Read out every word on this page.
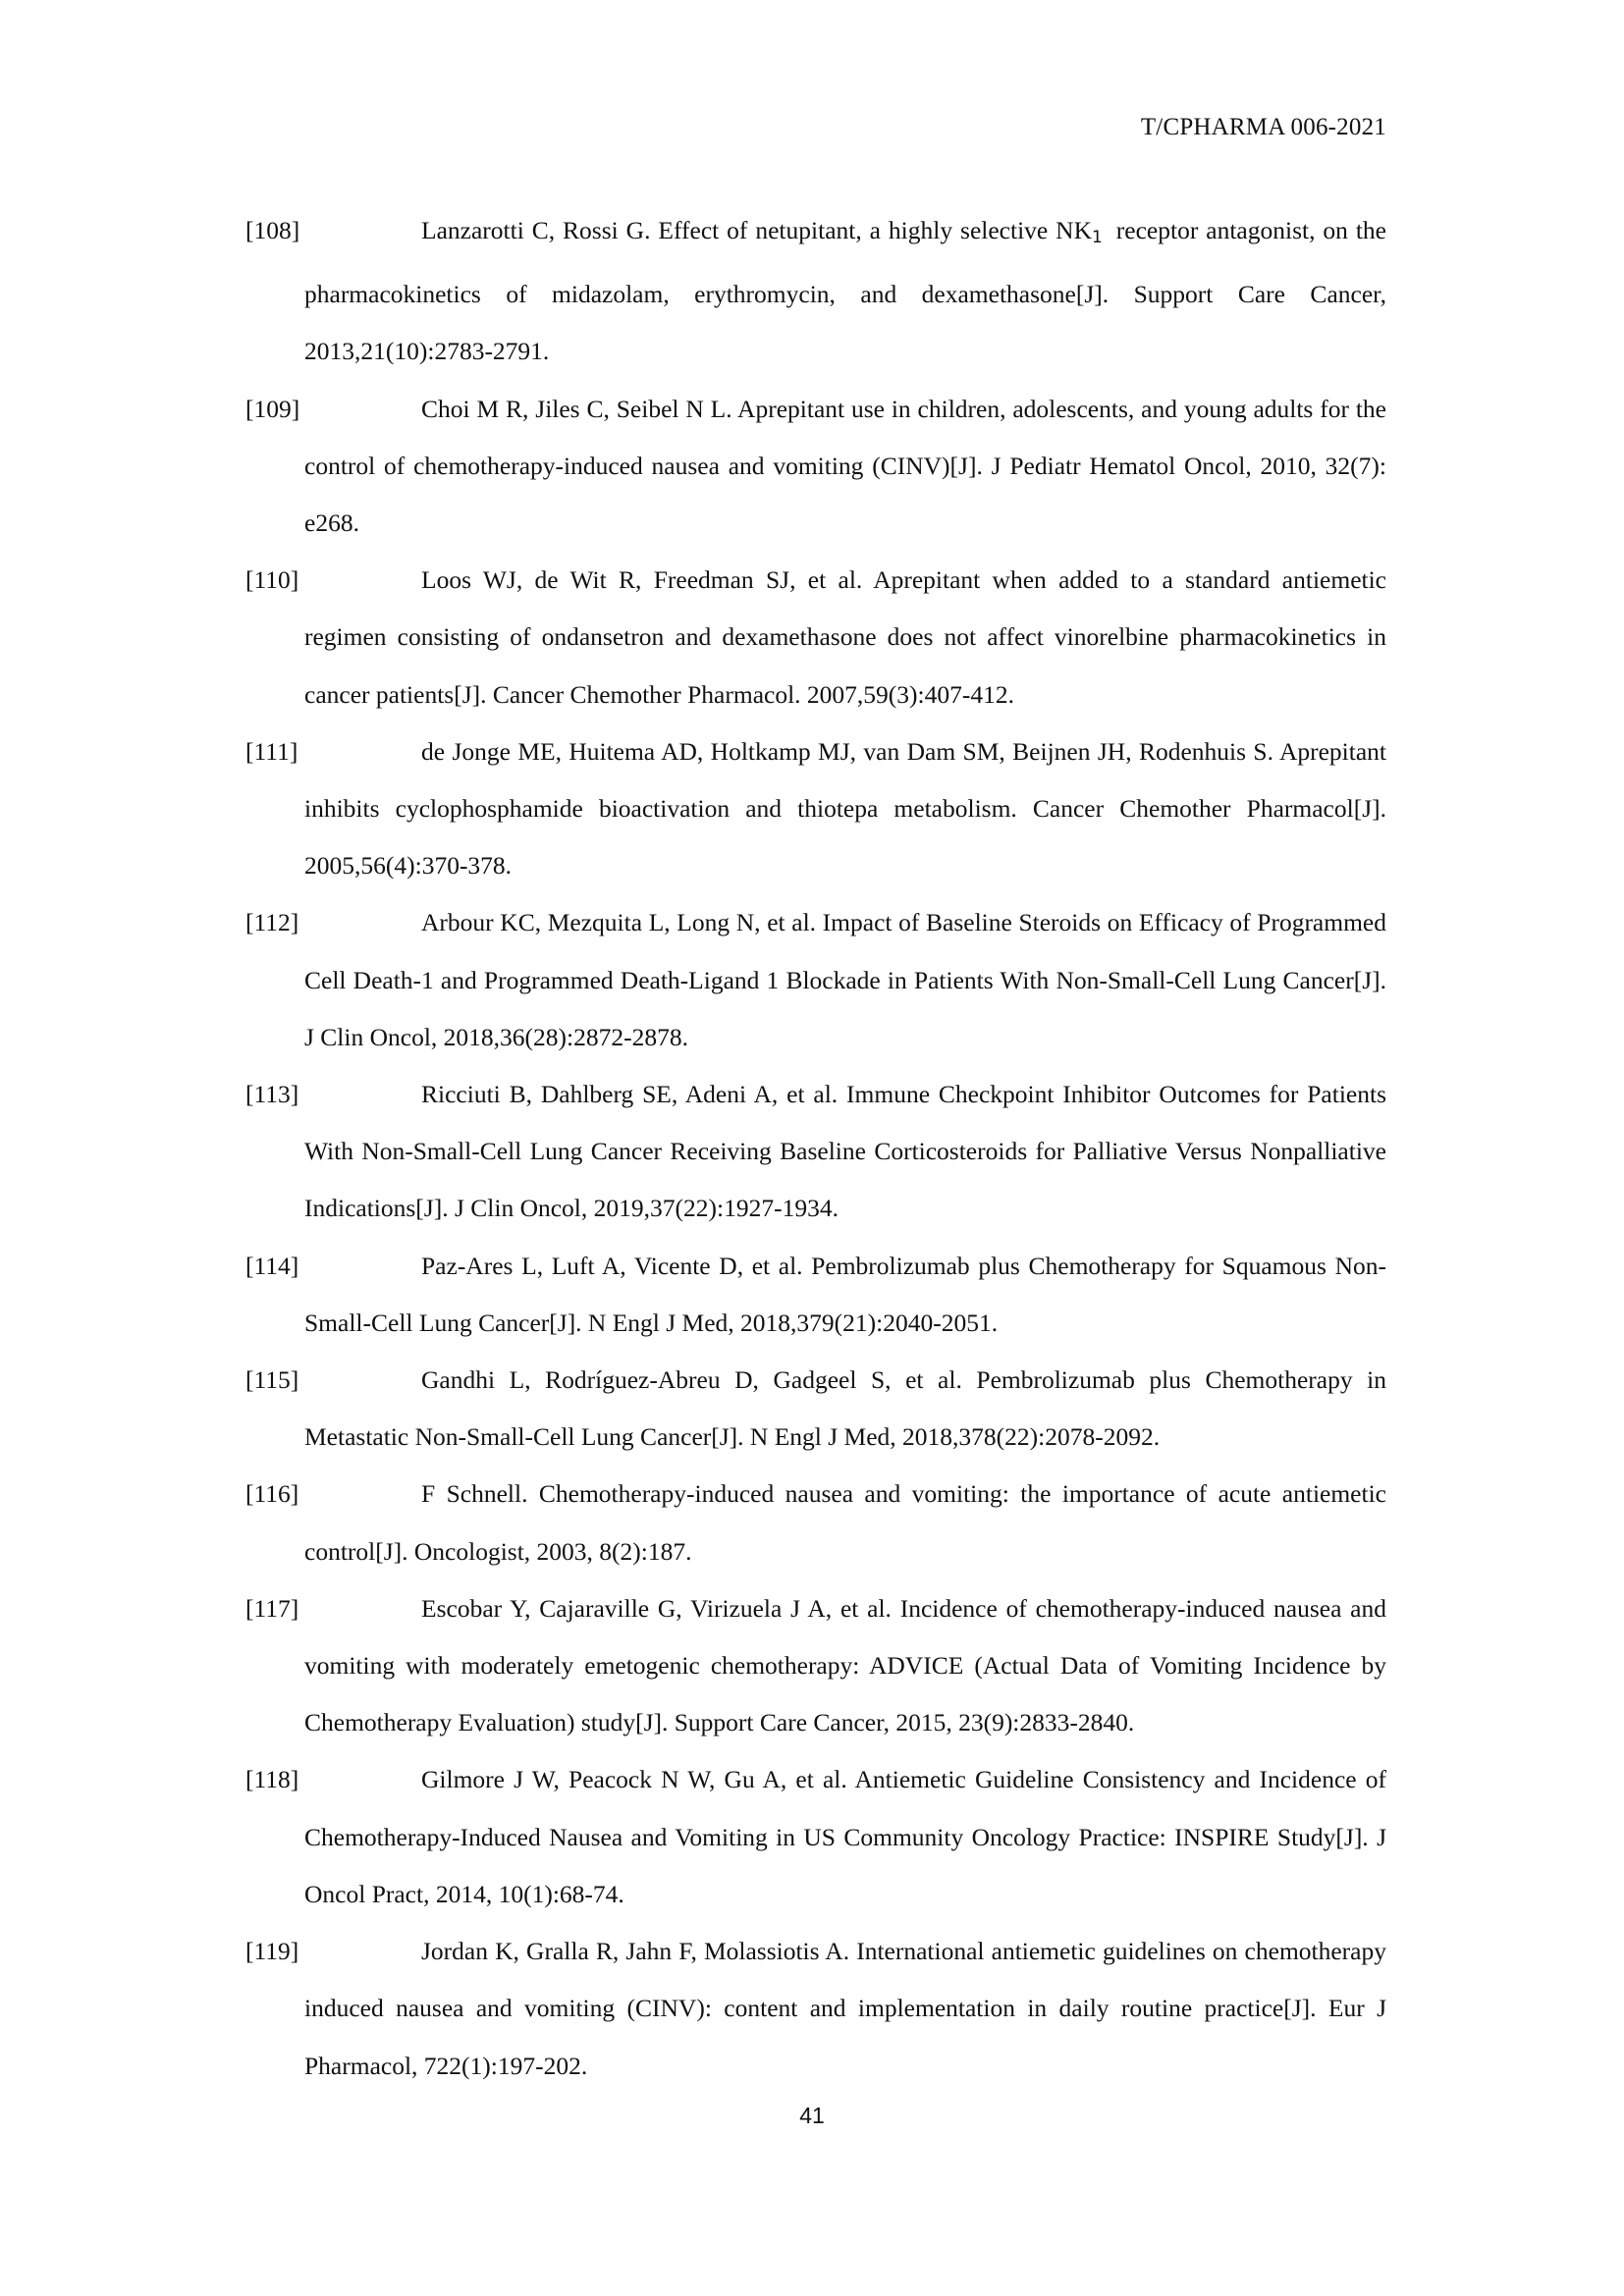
T/CPHARMA 006-2021

[108]	Lanzarotti C, Rossi G. Effect of netupitant, a highly selective $NK_1$ receptor antagonist, on the pharmacokinetics of midazolam, erythromycin, and dexamethasone[J]. Support Care Cancer, 2013,21(10):2783-2791.

[109]	Choi M R, Jiles C, Seibel N L. Aprepitant use in children, adolescents, and young adults for the control of chemotherapy-induced nausea and vomiting (CINV)[J]. J Pediatr Hematol Oncol, 2010, 32(7): e268.

[110]	Loos WJ, de Wit R, Freedman SJ, et al. Aprepitant when added to a standard antiemetic regimen consisting of ondansetron and dexamethasone does not affect vinorelbine pharmacokinetics in cancer patients[J]. Cancer Chemother Pharmacol. 2007,59(3):407-412.

[111]	de Jonge ME, Huitema AD, Holtkamp MJ, van Dam SM, Beijnen JH, Rodenhuis S. Aprepitant inhibits cyclophosphamide bioactivation and thiotepa metabolism. Cancer Chemother Pharmacol[J]. 2005,56(4):370-378.

[112]	Arbour KC, Mezquita L, Long N, et al. Impact of Baseline Steroids on Efficacy of Programmed Cell Death-1 and Programmed Death-Ligand 1 Blockade in Patients With Non-Small-Cell Lung Cancer[J]. J Clin Oncol, 2018,36(28):2872-2878.

[113]	Ricciuti B, Dahlberg SE, Adeni A, et al. Immune Checkpoint Inhibitor Outcomes for Patients With Non-Small-Cell Lung Cancer Receiving Baseline Corticosteroids for Palliative Versus Nonpalliative Indications[J]. J Clin Oncol, 2019,37(22):1927-1934.

[114]	Paz-Ares L, Luft A, Vicente D, et al. Pembrolizumab plus Chemotherapy for Squamous Non-Small-Cell Lung Cancer[J]. N Engl J Med, 2018,379(21):2040-2051.

[115]	Gandhi L, Rodríguez-Abreu D, Gadgeel S, et al. Pembrolizumab plus Chemotherapy in Metastatic Non-Small-Cell Lung Cancer[J]. N Engl J Med, 2018,378(22):2078-2092.

[116]	F Schnell. Chemotherapy-induced nausea and vomiting: the importance of acute antiemetic control[J]. Oncologist, 2003, 8(2):187.

[117]	Escobar Y, Cajaraville G, Virizuela J A, et al. Incidence of chemotherapy-induced nausea and vomiting with moderately emetogenic chemotherapy: ADVICE (Actual Data of Vomiting Incidence by Chemotherapy Evaluation) study[J]. Support Care Cancer, 2015, 23(9):2833-2840.

[118]	Gilmore J W, Peacock N W, Gu A, et al. Antiemetic Guideline Consistency and Incidence of Chemotherapy-Induced Nausea and Vomiting in US Community Oncology Practice: INSPIRE Study[J]. J Oncol Pract, 2014, 10(1):68-74.

[119]	Jordan K, Gralla R, Jahn F, Molassiotis A. International antiemetic guidelines on chemotherapy induced nausea and vomiting (CINV): content and implementation in daily routine practice[J]. Eur J Pharmacol, 722(1):197-202.

41
